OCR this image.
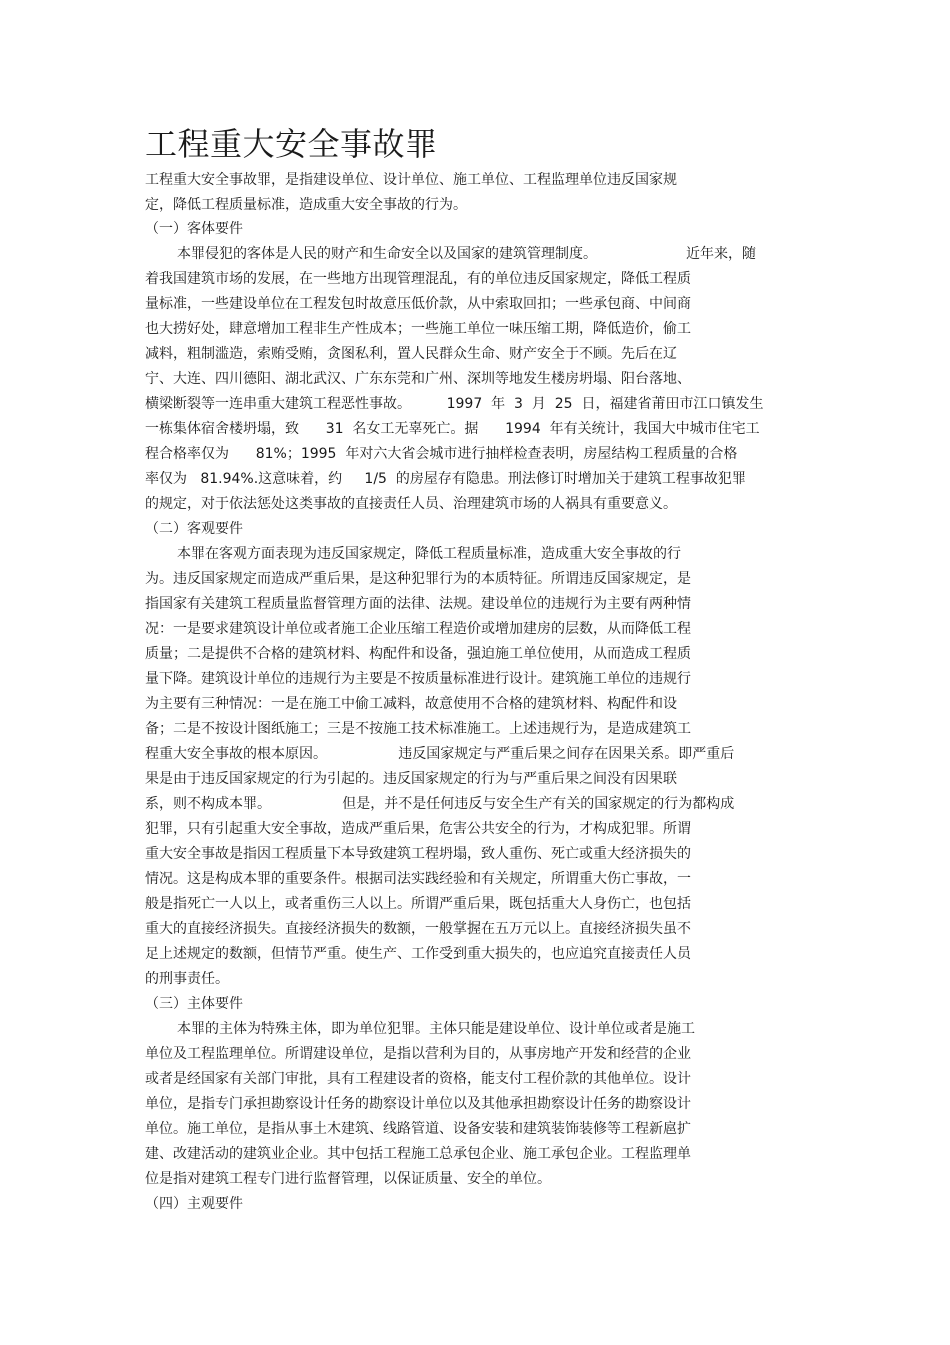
工程重大安全事故罪
工程重大安全事故罪，是指建设单位、设计单位、施工单位、工程监理单位违反国家规
定，降低工程质量标准，造成重大安全事故的行为。
（一）客体要件
本罪侵犯的客体是人民的财产和生命安全以及国家的建筑管理制度。                    近年来，随
着我国建筑市场的发展，在一些地方出现管理混乱，有的单位违反国家规定，降低工程质
量标准，一些建设单位在工程发包时故意压低价款，从中索取回扣；一些承包商、中间商
也大捞好处，肆意增加工程非生产性成本；一些施工单位一味压缩工期，降低造价，偷工
减料，粗制滥造，索贿受贿，贪图私利，置人民群众生命、财产安全于不顾。先后在辽
宁、大连、四川德阳、湖北武汉、广东东莞和广州、深圳等地发生楼房坍塌、阳台落地、
横梁断裂等一连串重大建筑工程恶性事故。        1997  年  3  月  25  日，福建省莆田市江口镇发生
一栋集体宿舍楼坍塌，致      31  名女工无辜死亡。据      1994  年有关统计，我国大中城市住宅工
程合格率仅为      81%；1995  年对六大省会城市进行抽样检查表明，房屋结构工程质量的合格
率仅为   81.94%.这意味着，约     1/5  的房屋存有隐患。刑法修订时增加关于建筑工程事故犯罪
的规定，对于依法惩处这类事故的直接责任人员、治理建筑市场的人祸具有重要意义。
（二）客观要件
本罪在客观方面表现为违反国家规定，降低工程质量标准，造成重大安全事故的行
为。违反国家规定而造成严重后果，是这种犯罪行为的本质特征。所谓违反国家规定，是
指国家有关建筑工程质量监督管理方面的法律、法规。建设单位的违规行为主要有两种情
况：一是要求建筑设计单位或者施工企业压缩工程造价或增加建房的层数，从而降低工程
质量；二是提供不合格的建筑材料、构配件和设备，强迫施工单位使用，从而造成工程质
量下降。建筑设计单位的违规行为主要是不按质量标准进行设计。建筑施工单位的违规行
为主要有三种情况：一是在施工中偷工减料，故意使用不合格的建筑材料、构配件和设
备；二是不按设计图纸施工；三是不按施工技术标准施工。上述违规行为，是造成建筑工
程重大安全事故的根本原因。                违反国家规定与严重后果之间存在因果关系。即严重后
果是由于违反国家规定的行为引起的。违反国家规定的行为与严重后果之间没有因果联
系，则不构成本罪。                但是，并不是任何违反与安全生产有关的国家规定的行为都构成
犯罪，只有引起重大安全事故，造成严重后果，危害公共安全的行为，才构成犯罪。所谓
重大安全事故是指因工程质量下本导致建筑工程坍塌，致人重伤、死亡或重大经济损失的
情况。这是构成本罪的重要条件。根据司法实践经验和有关规定，所谓重大伤亡事故，一
般是指死亡一人以上，或者重伤三人以上。所谓严重后果，既包括重大人身伤亡，也包括
重大的直接经济损失。直接经济损失的数额，一般掌握在五万元以上。直接经济损失虽不
足上述规定的数额，但情节严重。使生产、工作受到重大损失的，也应追究直接责任人员
的刑事责任。
（三）主体要件
本罪的主体为特殊主体，即为单位犯罪。主体只能是建设单位、设计单位或者是施工
单位及工程监理单位。所谓建设单位，是指以营利为目的，从事房地产开发和经营的企业
或者是经国家有关部门审批，具有工程建设者的资格，能支付工程价款的其他单位。设计
单位，是指专门承担勘察设计任务的勘察设计单位以及其他承担勘察设计任务的勘察设计
单位。施工单位，是指从事土木建筑、线路管道、设备安装和建筑装饰装修等工程新扈扩
建、改建活动的建筑业企业。其中包括工程施工总承包企业、施工承包企业。工程监理单
位是指对建筑工程专门进行监督管理，以保证质量、安全的单位。
（四）主观要件
